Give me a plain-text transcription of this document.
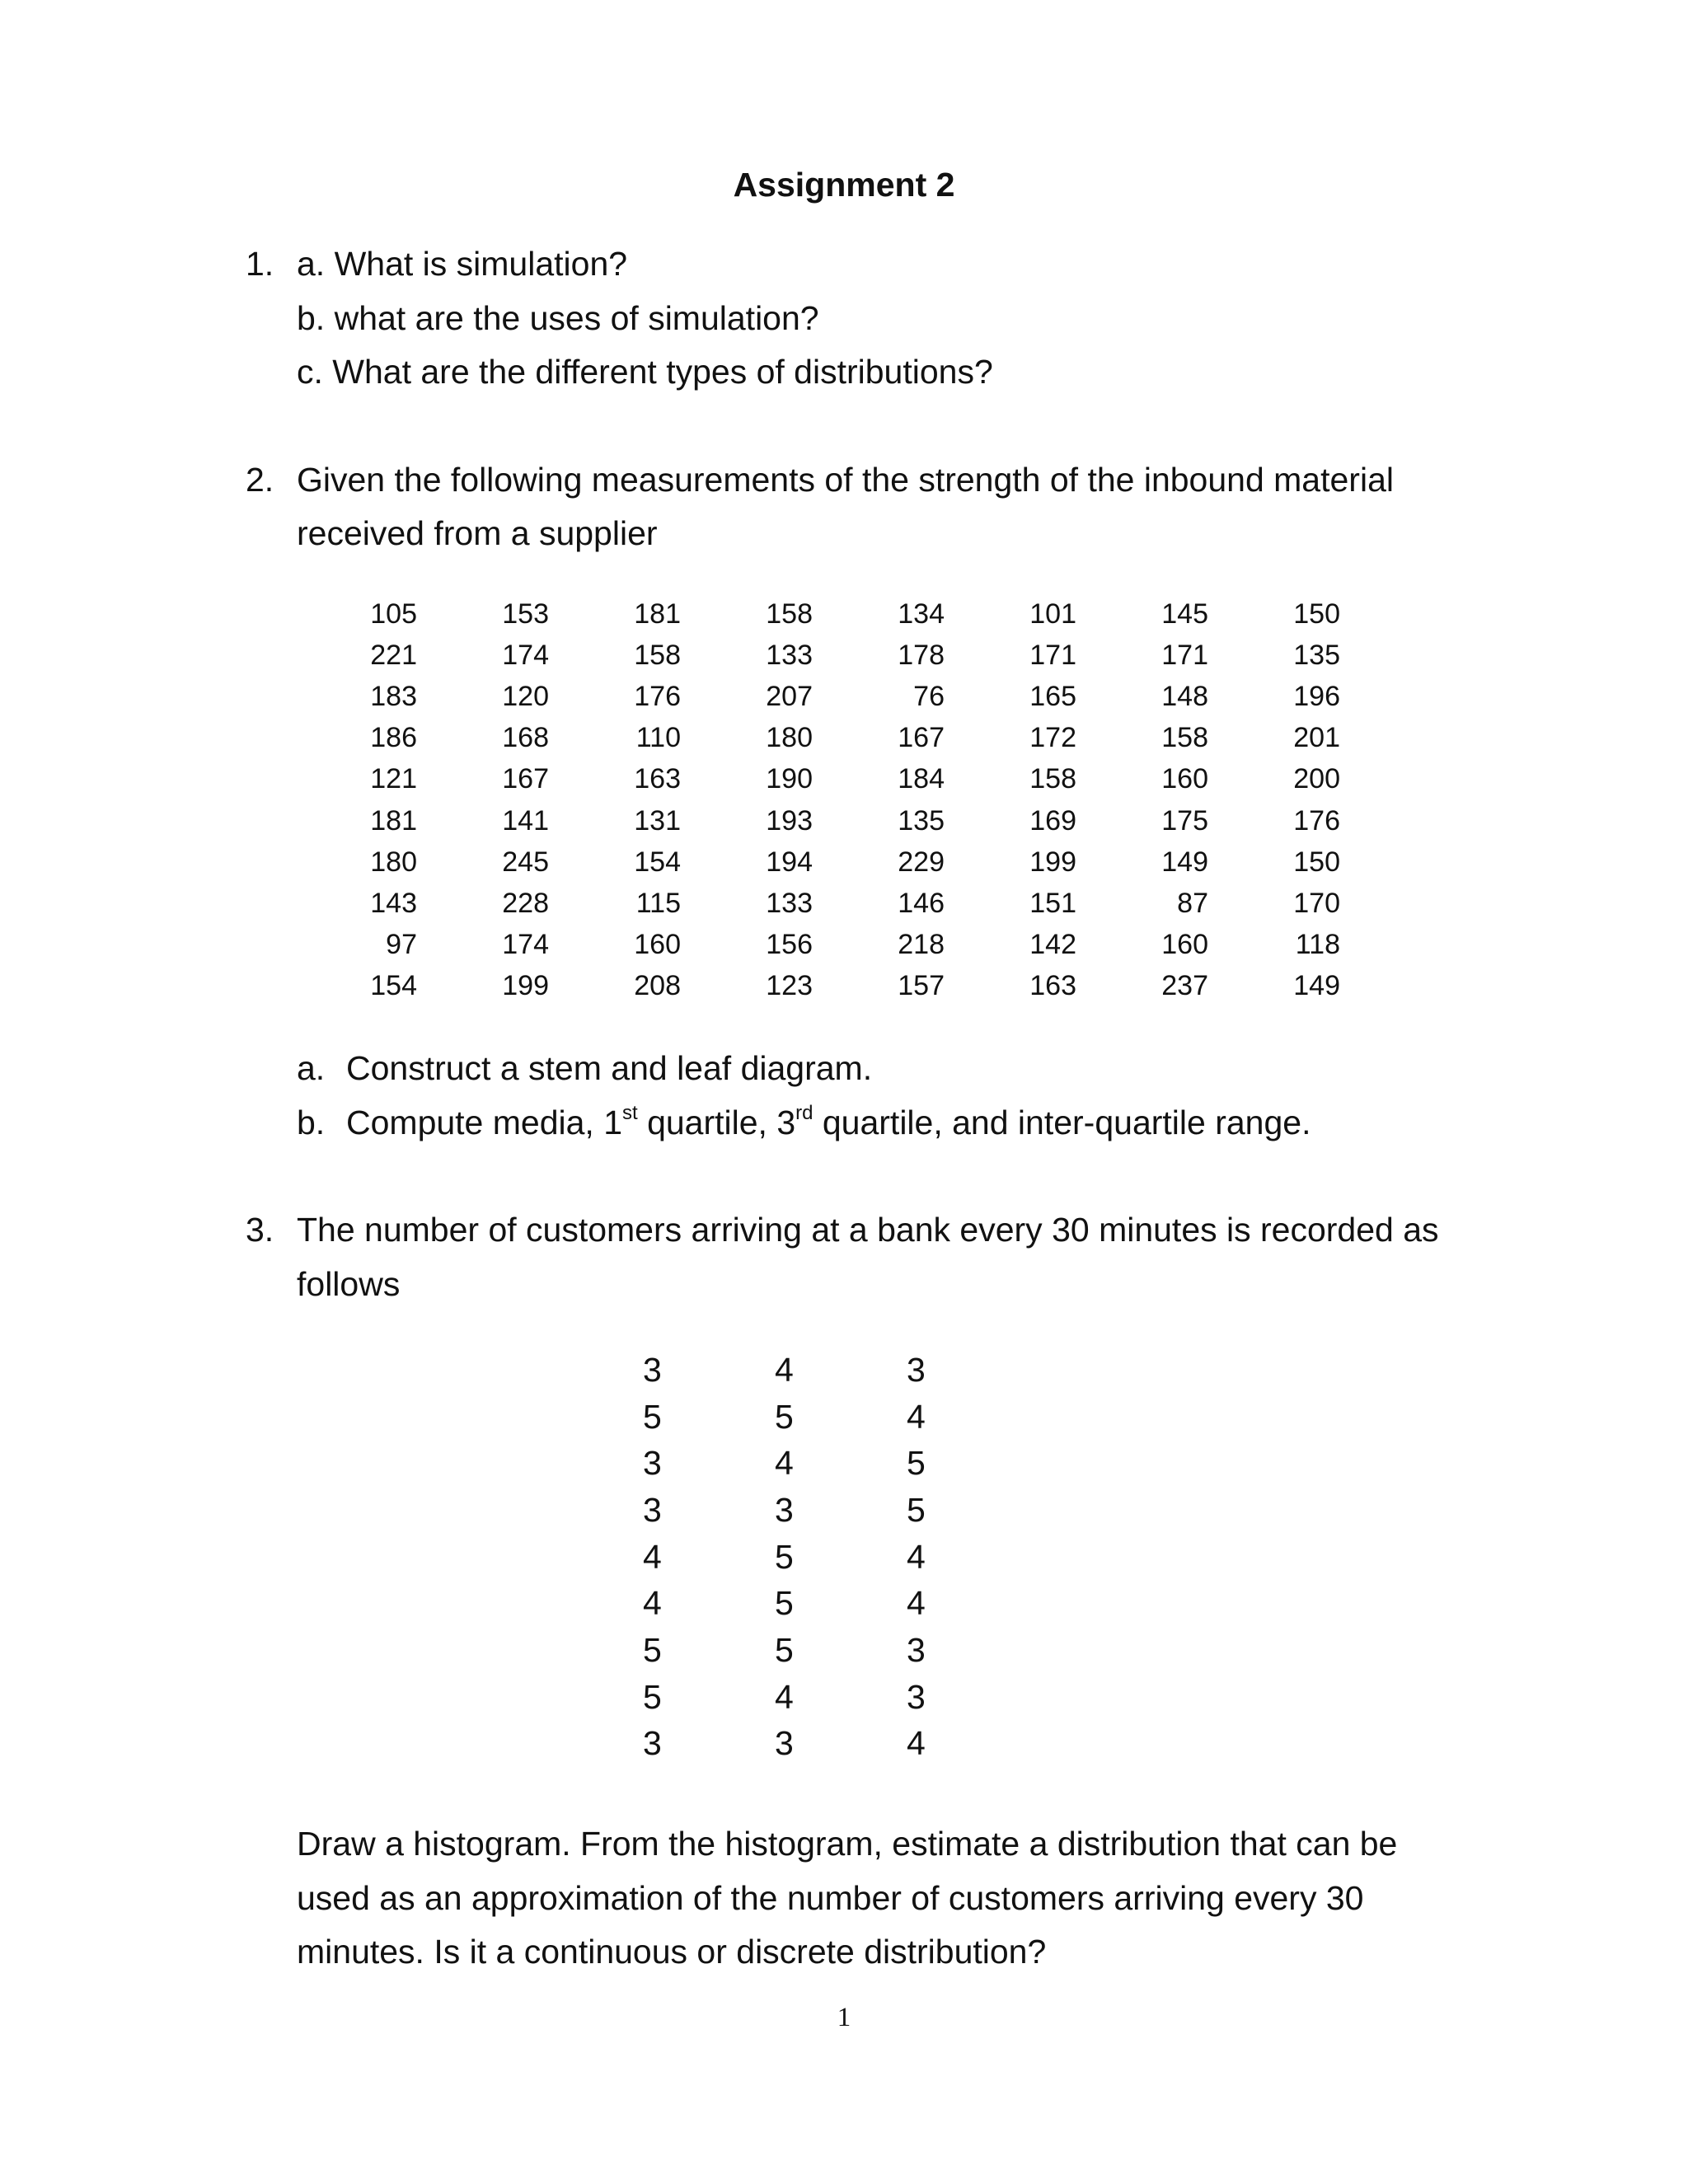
Assignment 2
1. a. What is simulation?
b. what are the uses of simulation?
c. What are the different types of distributions?
2. Given the following measurements of the strength of the inbound material
received from a supplier
105	153	181	158	134	101	145	150
221	174	158	133	178	171	171	135
183	120	176	207	76	165	148	196
186	168	110	180	167	172	158	201
121	167	163	190	184	158	160	200
181	141	131	193	135	169	175	176
180	245	154	194	229	199	149	150
143	228	115	133	146	151	87	170
97	174	160	156	218	142	160	118
154	199	208	123	157	163	237	149
a. Construct a stem and leaf diagram.
b. Compute media, 1st quartile, 3rd quartile, and inter-quartile range.
3. The number of customers arriving at a bank every 30 minutes is recorded as
follows
3	4	3
5	5	4
3	4	5
3	3	5
4	5	4
4	5	4
5	5	3
5	4	3
3	3	4
Draw a histogram. From the histogram, estimate a distribution that can be
used as an approximation of the number of customers arriving every 30
minutes. Is it a continuous or discrete distribution?
1
